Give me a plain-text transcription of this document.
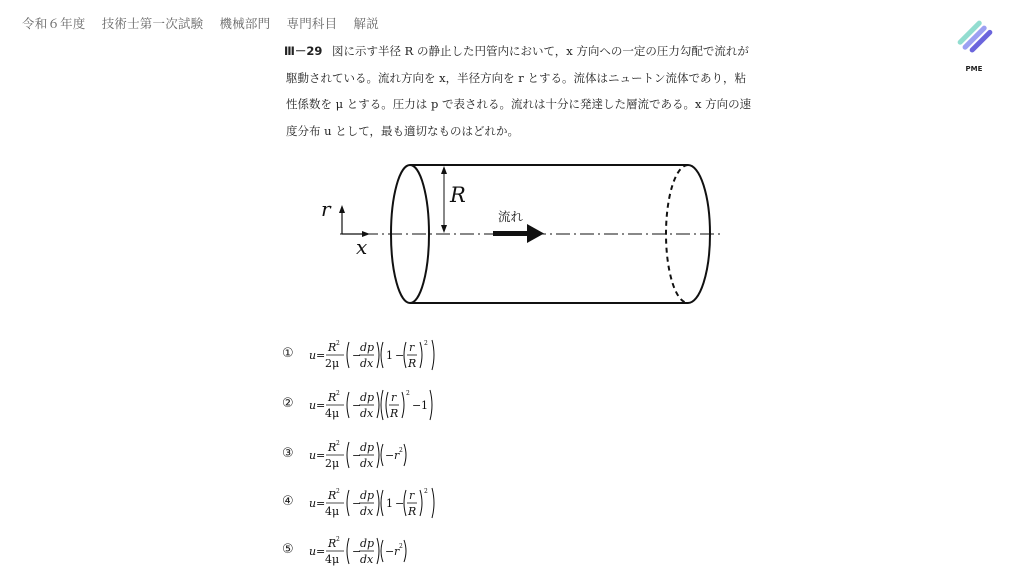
令和６年度 技術士第一次試験 機械部門 専門科目 解説
PME
Ⅲ－29 図に示す半径 R の静止した円管内において，x 方向への一定の圧力勾配で流れが
駆動されている。流れ方向を x，半径方向を r とする。流体はニュートン流体であり，粘
性係数を μ とする。圧力は p で表される。流れは十分に発達した層流である。x 方向の速
度分布 u として，最も適切なものはどれか。
R
流れ
r
x
① u =
R 2
2μ
−
dp
dx
1 −
r
R
2
② u =
R 2
4μ
−
dp
dx
r
R
2
− 1
③ u =
R 2
2μ
−
dp
dx
− r 2
④ u =
R 2
4μ
−
dp
dx
1 −
r
R
2
⑤ u =
R 2
4μ
−
dp
dx
− r 2
